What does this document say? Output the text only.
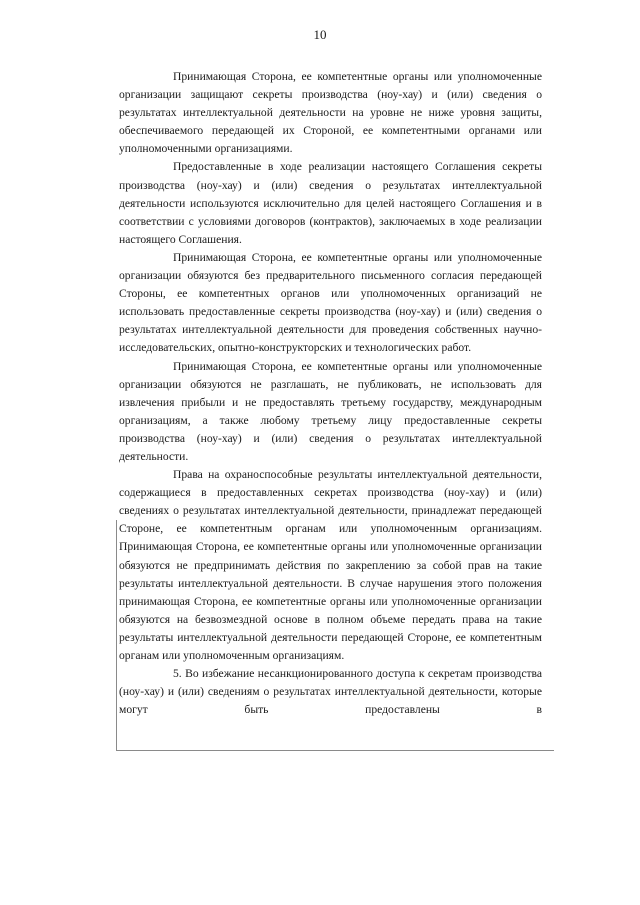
10

Принимающая Сторона, ее компетентные органы или уполномоченные организации защищают секреты производства (ноу-хау) и (или) сведения о результатах интеллектуальной деятельности на уровне не ниже уровня защиты, обеспечиваемого передающей их Стороной, ее компетентными органами или уполномоченными организациями.

Предоставленные в ходе реализации настоящего Соглашения секреты производства (ноу-хау) и (или) сведения о результатах интеллектуальной деятельности используются исключительно для целей настоящего Соглашения и в соответствии с условиями договоров (контрактов), заключаемых в ходе реализации настоящего Соглашения.

Принимающая Сторона, ее компетентные органы или уполномоченные организации обязуются без предварительного письменного согласия передающей Стороны, ее компетентных органов или уполномоченных организаций не использовать предоставленные секреты производства (ноу-хау) и (или) сведения о результатах интеллектуальной деятельности для проведения собственных научно-исследовательских, опытно-конструкторских и технологических работ.

Принимающая Сторона, ее компетентные органы или уполномоченные организации обязуются не разглашать, не публиковать, не использовать для извлечения прибыли и не предоставлять третьему государству, международным организациям, а также любому третьему лицу предоставленные секреты производства (ноу-хау) и (или) сведения о результатах интеллектуальной деятельности.

Права на охраноспособные результаты интеллектуальной деятельности, содержащиеся в предоставленных секретах производства (ноу-хау) и (или) сведениях о результатах интеллектуальной деятельности, принадлежат передающей Стороне, ее компетентным органам или уполномоченным организациям. Принимающая Сторона, ее компетентные органы или уполномоченные организации обязуются не предпринимать действия по закреплению за собой прав на такие результаты интеллектуальной деятельности. В случае нарушения этого положения принимающая Сторона, ее компетентные органы или уполномоченные организации обязуются на безвозмездной основе в полном объеме передать права на такие результаты интеллектуальной деятельности передающей Стороне, ее компетентным органам или уполномоченным организациям.

5. Во избежание несанкционированного доступа к секретам производства (ноу-хау) и (или) сведениям о результатах интеллектуальной деятельности, которые могут быть предоставлены в
